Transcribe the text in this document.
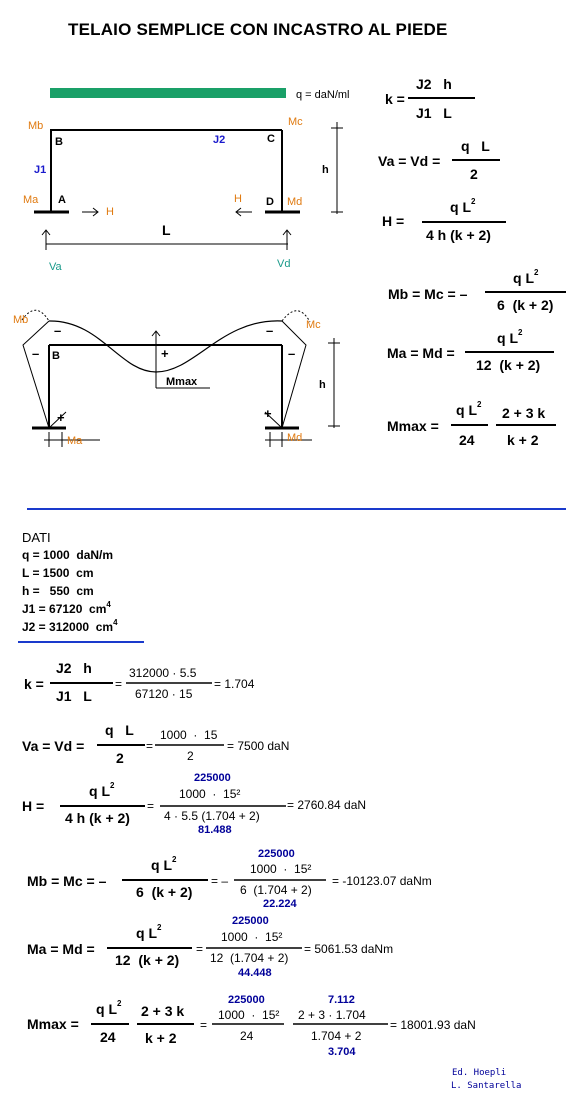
TELAIO SEMPLICE CON INCASTRO AL PIEDE
q = daN/ml
Mb	Mc
B	C
J2
J1
Ma A
H
H D Md
L
h
Va	Vd
Mb	Mc
–
– B	+
–
–
Mmax	h
+	+
Ma	Md
k =
J2   h
J1   L
Va = Vd =
q   L
2
H =
q $L^2$
4 h (k + 2)
Mb = Mc = –
q $L^2$
6  (k + 2)
Ma = Md =
q $L^2$
12  (k + 2)
Mmax =
q $L^2$
24
2 + 3 k
k + 2
DATI
q = 1000  daN/m
L = 1500  cm
h =   550  cm
J1 = 67120  $cm^4$
J2 = 312000  $cm^4$
k =
J2   h
J1   L
=
312000 · 5.5
67120 · 15
= 1.704
Va = Vd =
q   L
2
=
1000  ·  15
2
= 7500 daN
H =
q $L^2$
4 h (k + 2)
=
225000
1000  ·  15²
4 · 5.5 (1.704 + 2)
81.488
= 2760.84 daN
Mb = Mc = –
q $L^2$
6  (k + 2)
= –
225000
1000  ·  15²
6  (1.704 + 2)
22.224
= -10123.07 daNm
Ma = Md =
q $L^2$
12  (k + 2)
=
225000
1000  ·  15²
12  (1.704 + 2)
44.448
= 5061.53 daNm
Mmax =
q $L^2$
24
2 + 3 k
k + 2
=
225000
1000  ·  15²
24
7.112
2 + 3 · 1.704
1.704 + 2
3.704
= 18001.93 daN
Ed. Hoepli
L. Santarella
